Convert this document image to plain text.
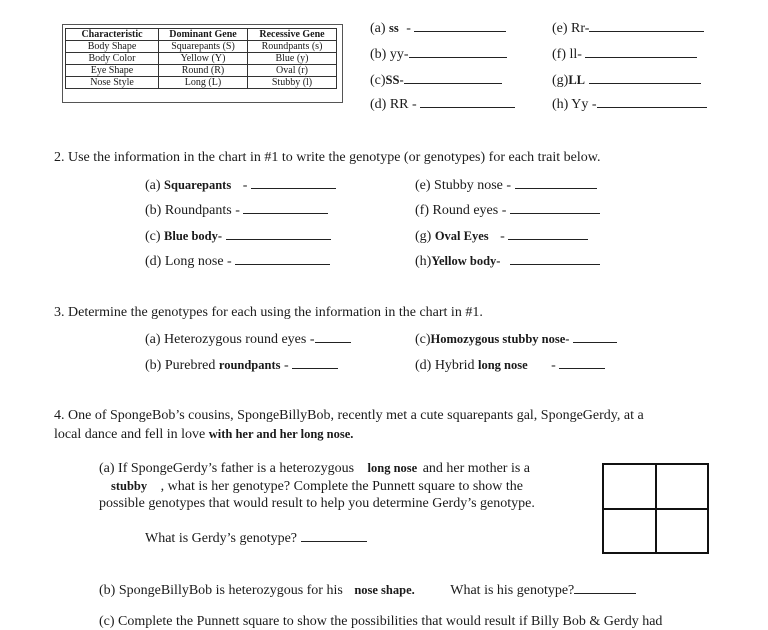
Characteristic	Dominant Gene	Recessive Gene
Body Shape	Squarepants (S)	Roundpants (s)
Body Color	Yellow (Y)	Blue (y)
Eye Shape	Round (R)	Oval (r)
Nose Style	Long (L)	Stubby (l)
(a) ss -
(b) yy-
(c)SS-
(d) RR -
(e) Rr-
(f) ll-
(g)LL
(h) Yy -
2. Use the information in the chart in #1 to write the genotype (or genotypes) for each trait below.
(a) Squarepants -
(b) Roundpants -
(c) Blue body-
(d) Long nose -
(e) Stubby nose -
(f) Round eyes -
(g) Oval Eyes -
(h)Yellow body-
3. Determine the genotypes for each using the information in the chart in #1.
(a) Heterozygous round eyes -
(b) Purebred roundpants -
(c)Homozygous stubby nose-
(d) Hybrid long nose -
4. One of SpongeBob’s cousins, SpongeBillyBob, recently met a cute squarepants gal, SpongeGerdy, at a
local dance and fell in love with her and her long nose.
(a) If SpongeGerdy’s father is a heterozygous long nose and her mother is a
stubby , what is her genotype? Complete the Punnett square to show the
possible genotypes that would result to help you determine Gerdy’s genotype.
What is Gerdy’s genotype?
(b) SpongeBillyBob is heterozygous for his nose shape.	What is his genotype?
(c) Complete the Punnett square to show the possibilities that would result if Billy Bob & Gerdy had
